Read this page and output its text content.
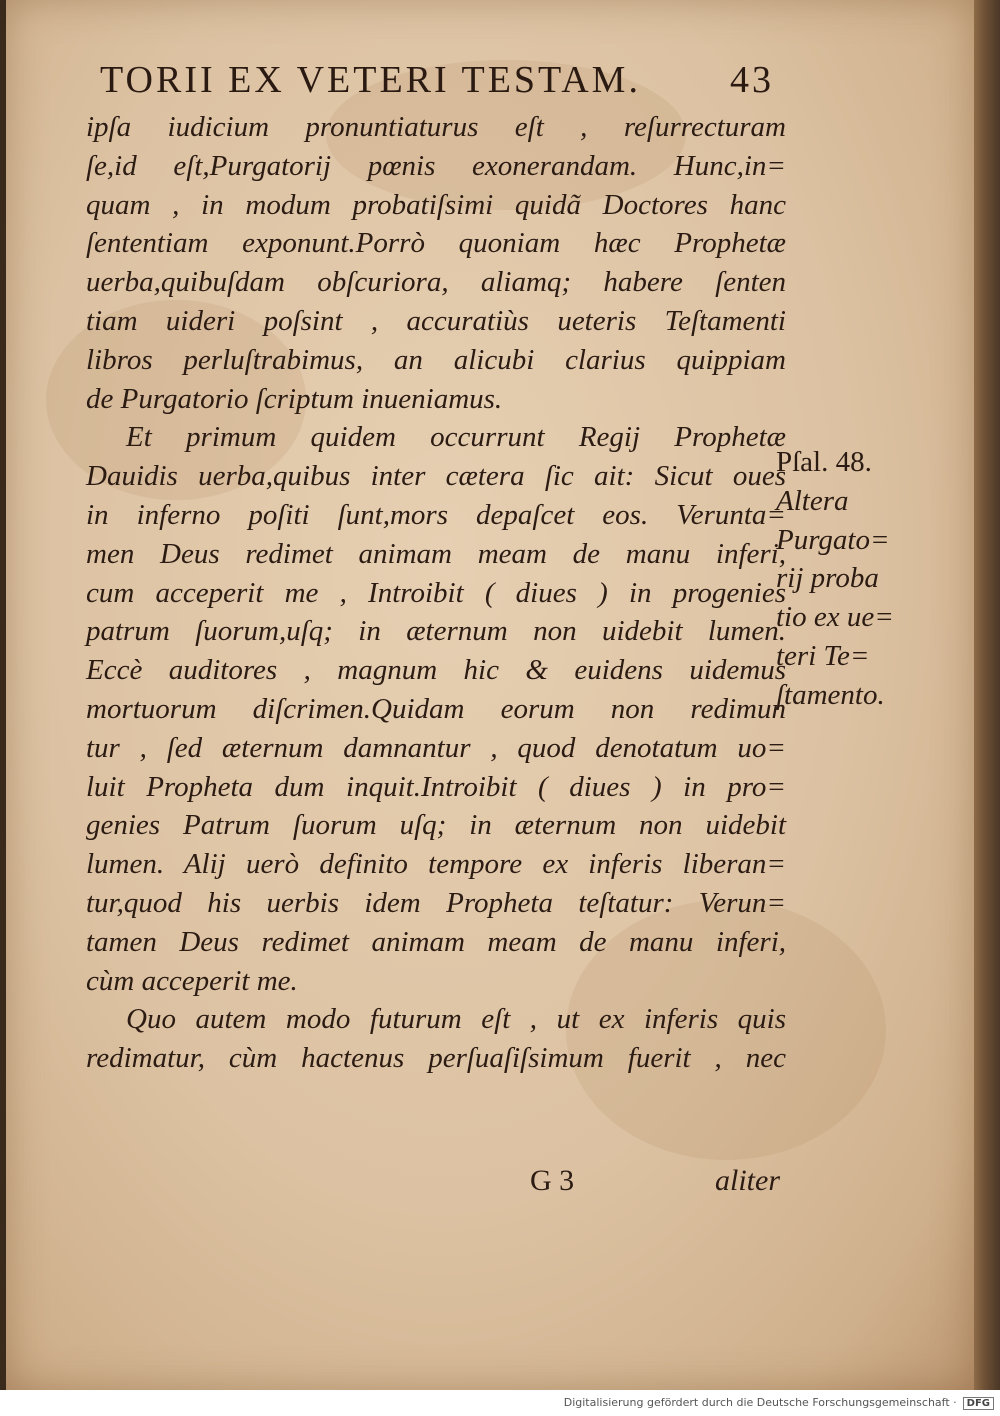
TORII EX VETERI TESTAM. 43
ipſa iudicium pronuntiaturus eſt , reſurrecturam
ſe,id eſt,Purgatorij pœnis exonerandam. Hunc,in=
quam , in modum probatiſsimi quidã Doctores hanc
ſententiam exponunt.Porrò quoniam hæc Prophetæ
uerba,quibuſdam obſcuriora, aliamq; habere ſenten
tiam uideri poſsint , accuratiùs ueteris Teſtamenti
libros perluſtrabimus, an alicubi clarius quippiam
de Purgatorio ſcriptum inueniamus.
Et primum quidem occurrunt Regij Prophetæ
Dauidis uerba,quibus inter cætera ſic ait: Sicut oues
in inferno poſiti ſunt,mors depaſcet eos. Verunta=
men Deus redimet animam meam de manu inferi,
cum acceperit me , Introibit ( diues ) in progenies
patrum ſuorum,uſq; in æternum non uidebit lumen.
Eccè auditores , magnum hic & euidens uidemus
mortuorum diſcrimen.Quidam eorum non redimun
tur , ſed æternum damnantur , quod denotatum uo=
luit Propheta dum inquit.Introibit ( diues ) in pro=
genies Patrum ſuorum uſq; in æternum non uidebit
lumen. Alij uerò definito tempore ex inferis liberan=
tur,quod his uerbis idem Propheta teſtatur: Verun=
tamen Deus redimet animam meam de manu inferi,
cùm acceperit me.
Quo autem modo futurum eſt , ut ex inferis quis
redimatur, cùm hactenus perſuaſiſsimum fuerit , nec
Pſal. 48.
Altera
Purgato=
rij proba
tio ex ue=
teri Te=
ſtamento.
G 3	aliter
Digitalisierung gefördert durch die Deutsche Forschungsgemeinschaft · DFG
